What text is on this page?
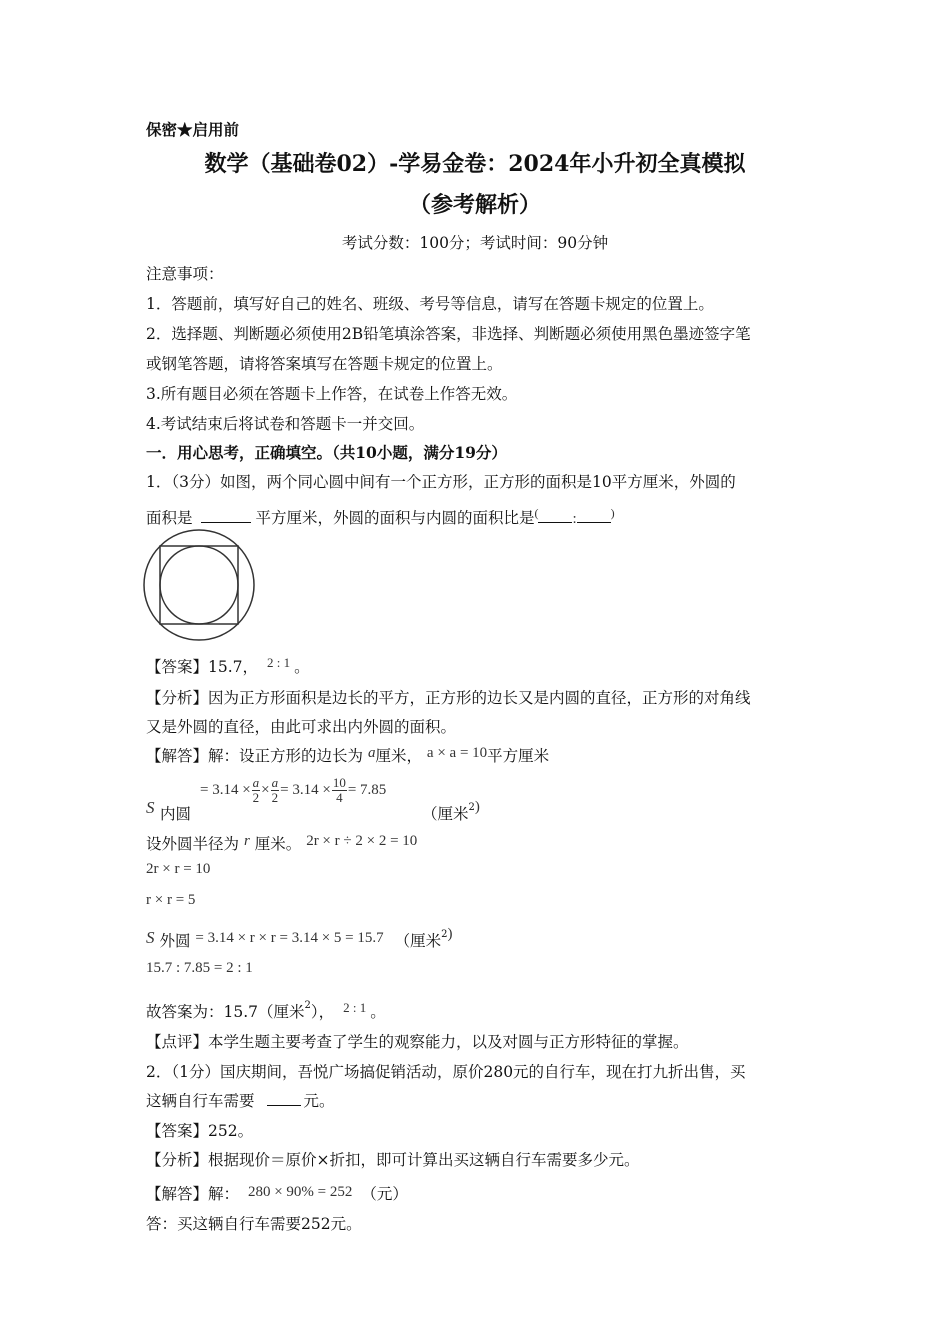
保密★启用前
数学（基础卷02）-学易金卷：2024年小升初全真模拟
（参考解析）
考试分数：100分；考试时间：90分钟
注意事项：
1．答题前，填写好自己的姓名、班级、考号等信息，请写在答题卡规定的位置上。
2．选择题、判断题必须使用2B铅笔填涂答案，非选择、判断题必须使用黑色墨迹签字笔
或钢笔答题，请将答案填写在答题卡规定的位置上。
3.所有题目必须在答题卡上作答，在试卷上作答无效。
4.考试结束后将试卷和答题卡一并交回。
一．用心思考，正确填空。（共10小题，满分19分）
1．（3分）如图，两个同心圆中间有一个正方形，正方形的面积是10平方厘米，外圆的
面积是	平方厘米，外圆的面积与内圆的面积比是( :	)
【答案】15.7， $^{2 : 1}$ 。
【分析】因为正方形面积是边长的平方，正方形的边长又是内圆的直径，正方形的对角线
又是外圆的直径，由此可求出内外圆的面积。
【解答】解：设正方形的边长为 a厘米， a × a = 10平方厘米
S 内圆
= $3.14 \times \frac{a}{2} \times \frac{a}{2} = 3.14 \times \frac{10}{4} = 7.85$
（厘米$^2$)
设外圆半径为 r 厘米。 2r × r ÷ 2 × 2 = 10
2r × r = 10
r × r = 5
S 外圆 = 3.14 × r × r = 3.14 × 5 = 15.7 （厘米$^2$)
15.7 : 7.85 = 2 : 1
故答案为：15.7（厘米$^2$）， $^{2 : 1}$ 。
【点评】本学生题主要考查了学生的观察能力，以及对圆与正方形特征的掌握。
2．（1分）国庆期间，吾悦广场搞促销活动，原价280元的自行车，现在打九折出售，买
这辆自行车需要	元。
【答案】252。
【分析】根据现价＝原价×折扣，即可计算出买这辆自行车需要多少元。
【解答】解： 280 × 90% = 252 （元）
答：买这辆自行车需要252元。
